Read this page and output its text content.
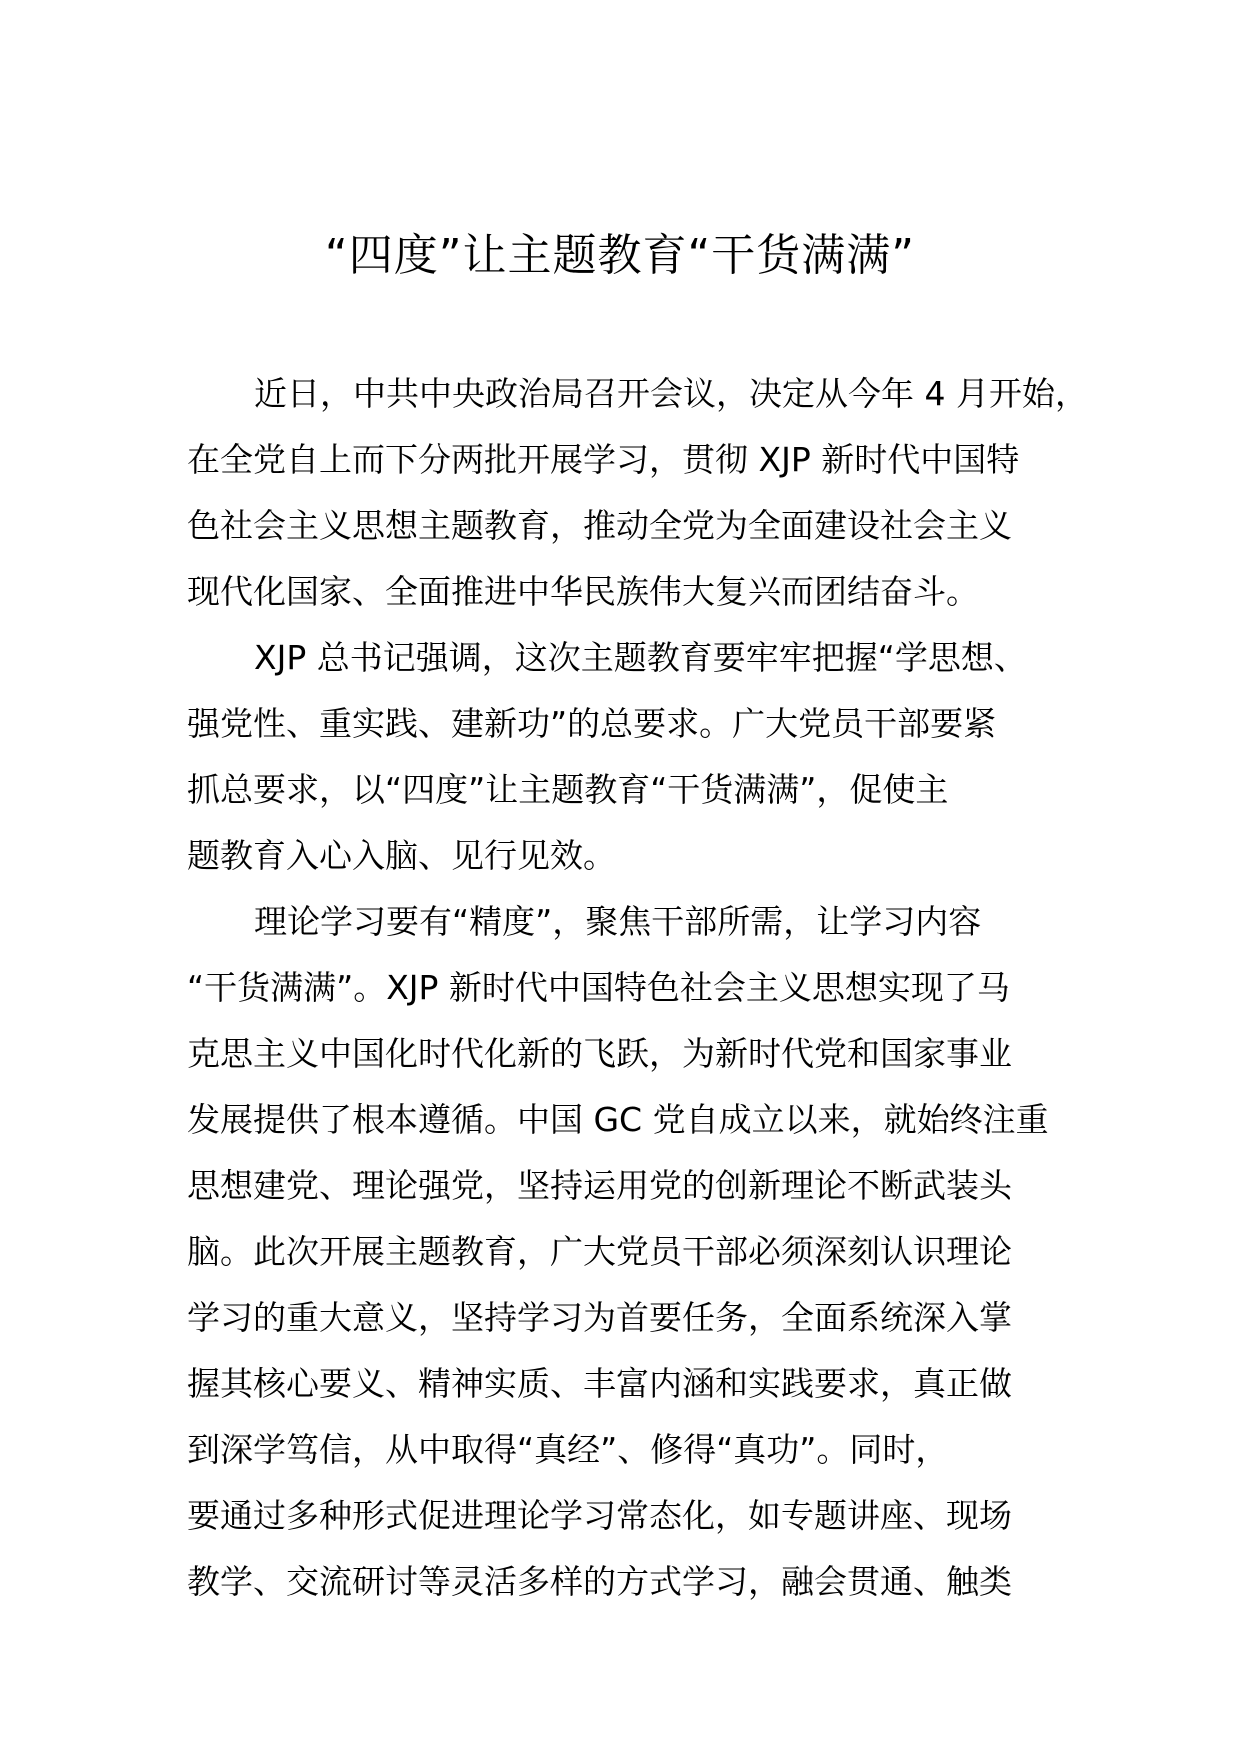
“四度”让主题教育“干货满满”
近日，中共中央政治局召开会议，决定从今年 4 月开始，
在全党自上而下分两批开展学习，贯彻 XJP 新时代中国特
色社会主义思想主题教育，推动全党为全面建设社会主义
现代化国家、全面推进中华民族伟大复兴而团结奋斗。
XJP 总书记强调，这次主题教育要牢牢把握“学思想、
强党性、重实践、建新功”的总要求。广大党员干部要紧
抓总要求，以“四度”让主题教育“干货满满”，促使主
题教育入心入脑、见行见效。
理论学习要有“精度”，聚焦干部所需，让学习内容
“干货满满”。XJP 新时代中国特色社会主义思想实现了马
克思主义中国化时代化新的飞跃，为新时代党和国家事业
发展提供了根本遵循。中国 GC 党自成立以来，就始终注重
思想建党、理论强党，坚持运用党的创新理论不断武装头
脑。此次开展主题教育，广大党员干部必须深刻认识理论
学习的重大意义，坚持学习为首要任务，全面系统深入掌
握其核心要义、精神实质、丰富内涵和实践要求，真正做
到深学笃信，从中取得“真经”、修得“真功”。同时，
要通过多种形式促进理论学习常态化，如专题讲座、现场
教学、交流研讨等灵活多样的方式学习，融会贯通、触类
